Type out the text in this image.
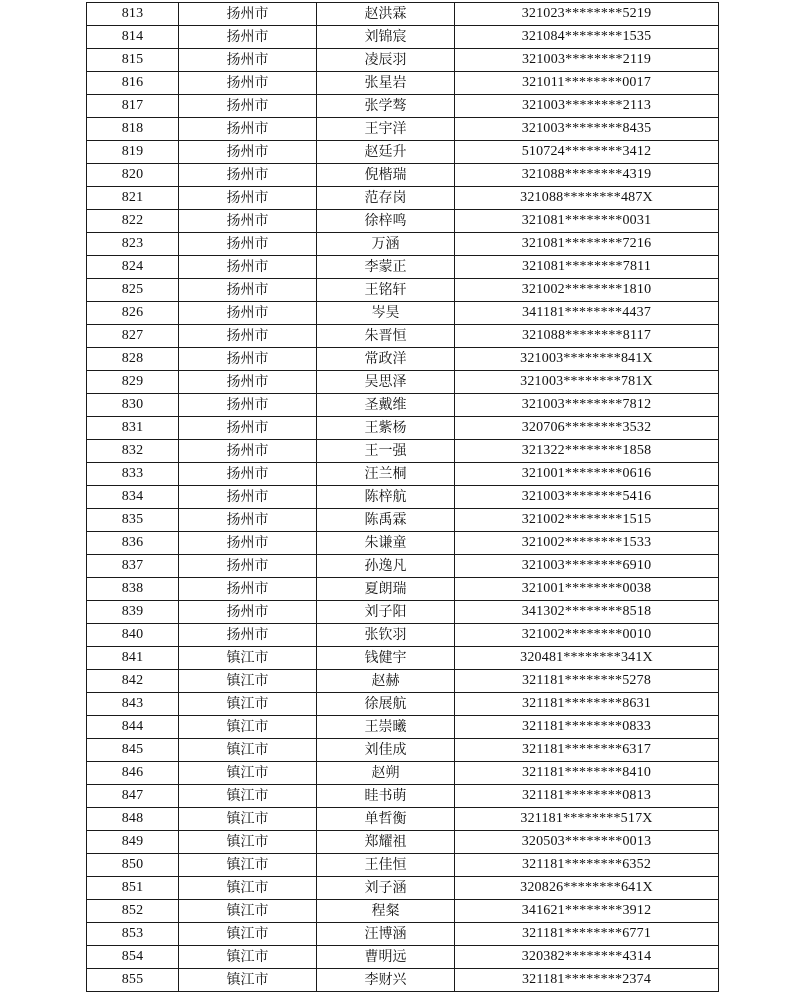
813	扬州市	赵洪霖	321023********5219
814	扬州市	刘锦宸	321084********1535
815	扬州市	凌辰羽	321003********2119
816	扬州市	张星岩	321011********0017
817	扬州市	张学骜	321003********2113
818	扬州市	王宇洋	321003********8435
819	扬州市	赵廷升	510724********3412
820	扬州市	倪楷瑞	321088********4319
821	扬州市	范存岗	321088********487X
822	扬州市	徐梓鸣	321081********0031
823	扬州市	万涵	321081********7216
824	扬州市	李蒙正	321081********7811
825	扬州市	王铭轩	321002********1810
826	扬州市	岑昊	341181********4437
827	扬州市	朱晋恒	321088********8117
828	扬州市	常政洋	321003********841X
829	扬州市	吴思泽	321003********781X
830	扬州市	圣戴维	321003********7812
831	扬州市	王紫杨	320706********3532
832	扬州市	王一强	321322********1858
833	扬州市	汪兰桐	321001********0616
834	扬州市	陈梓航	321003********5416
835	扬州市	陈禹霖	321002********1515
836	扬州市	朱谦童	321002********1533
837	扬州市	孙逸凡	321003********6910
838	扬州市	夏朗瑞	321001********0038
839	扬州市	刘子阳	341302********8518
840	扬州市	张钦羽	321002********0010
841	镇江市	钱健宇	320481********341X
842	镇江市	赵赫	321181********5278
843	镇江市	徐展航	321181********8631
844	镇江市	王崇曦	321181********0833
845	镇江市	刘佳成	321181********6317
846	镇江市	赵朔	321181********8410
847	镇江市	眭书萌	321181********0813
848	镇江市	单哲衡	321181********517X
849	镇江市	郑耀祖	320503********0013
850	镇江市	王佳恒	321181********6352
851	镇江市	刘子涵	320826********641X
852	镇江市	程粲	341621********3912
853	镇江市	汪博涵	321181********6771
854	镇江市	曹明远	320382********4314
855	镇江市	李财兴	321181********2374
